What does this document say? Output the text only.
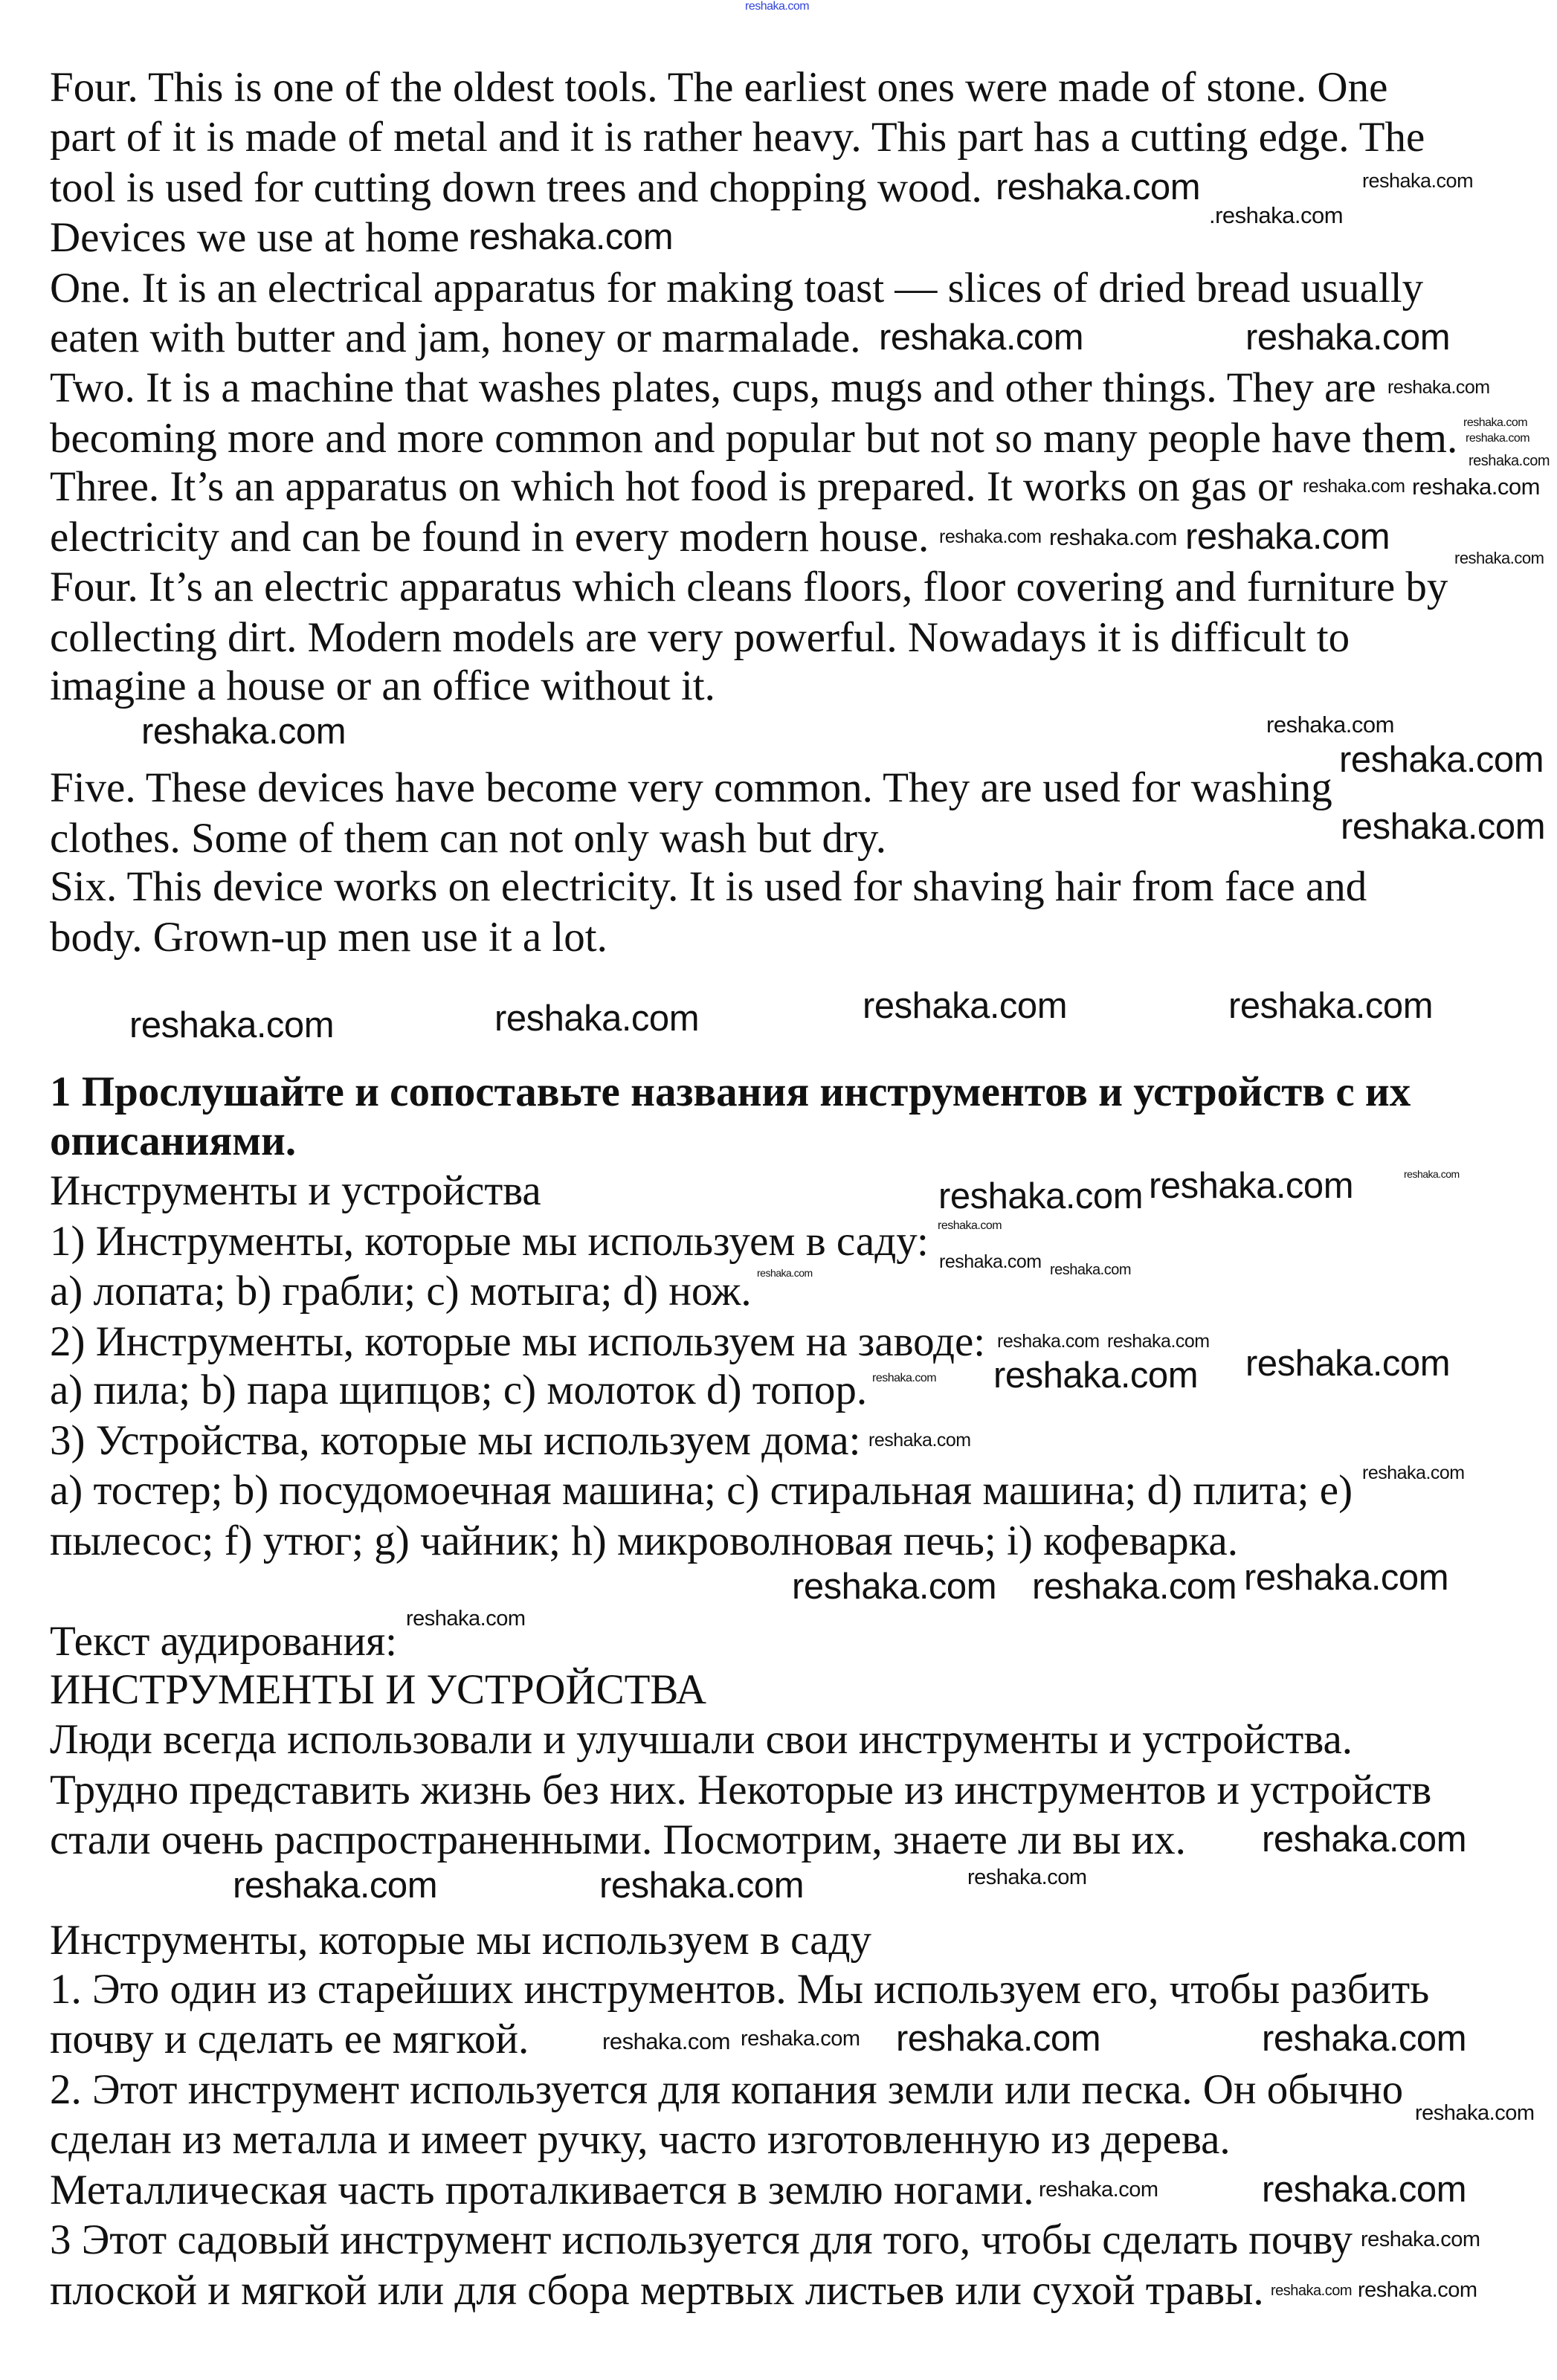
Four. This is one of the oldest tools. The earliest ones were made of stone. One
part of it is made of metal and it is rather heavy. This part has a cutting edge. The
tool is used for cutting down trees and chopping wood.
Devices we use at home
One. It is an electrical apparatus for making toast — slices of dried bread usually
eaten with butter and jam, honey or marmalade.
Two. It is a machine that washes plates, cups, mugs and other things. They are
becoming more and more common and popular but not so many people have them.
Three. It’s an apparatus on which hot food is prepared. It works on gas or
electricity and can be found in every modern house.
Four. It’s an electric apparatus which cleans floors, floor covering and furniture by
collecting dirt. Modern models are very powerful. Nowadays it is difficult to
imagine a house or an office without it.
Five. These devices have become very common. They are used for washing
clothes. Some of them can not only wash but dry.
Six. This device works on electricity. It is used for shaving hair from face and
body. Grown-up men use it a lot.
1 Прослушайте и сопоставьте названия инструментов и устройств с их
описаниями.
Инструменты и устройства
1) Инструменты, которые мы используем в саду:
a) лопата; b) грабли; c) мотыга; d) нож.
2) Инструменты, которые мы используем на заводе:
a) пила; b) пара щипцов; c) молоток d) топор.
3) Устройства, которые мы используем дома:
a) тостер; b) посудомоечная машина; c) стиральная машина; d) плита; e)
пылесос; f) утюг; g) чайник; h) микроволновая печь; i) кофеварка.
Текст аудирования:
ИНСТРУМЕНТЫ И УСТРОЙСТВА
Люди всегда использовали и улучшали свои инструменты и устройства.
Трудно представить жизнь без них. Некоторые из инструментов и устройств
стали очень распространенными. Посмотрим, знаете ли вы их.
Инструменты, которые мы используем в саду
1. Это один из старейших инструментов. Мы используем его, чтобы разбить
почву и сделать ее мягкой.
2. Этот инструмент используется для копания земли или песка. Он обычно
сделан из металла и имеет ручку, часто изготовленную из дерева.
Металлическая часть проталкивается в землю ногами.
3 Этот садовый инструмент используется для того, чтобы сделать почву
плоской и мягкой или для сбора мертвых листьев или сухой травы.
reshaka.com
reshaka.com	reshaka.com
.reshaka.com
reshaka.com
reshaka.com	reshaka.com
reshaka.com
reshaka.com
reshaka.com
reshaka.com
reshaka.com
reshaka.com reshaka.com
reshaka.com
reshaka.com
reshaka.com
reshaka.com
reshaka.com
reshaka.com
reshaka.com
reshaka.com	reshaka.com	reshaka.com
reshaka.com
reshaka.com reshaka.com	reshaka.com
reshaka.com
reshaka.com reshaka.com
reshaka.com
reshaka.com reshaka.com
reshaka.com
reshaka.com reshaka.com
reshaka.com
reshaka.com
reshaka.com
reshaka.com reshaka.com
reshaka.com
reshaka.com
reshaka.com	reshaka.com	reshaka.com
reshaka.com	reshaka.com	reshaka.com
reshaka.com
reshaka.com
reshaka.com
reshaka.com
reshaka.com
reshaka.com reshaka.com
